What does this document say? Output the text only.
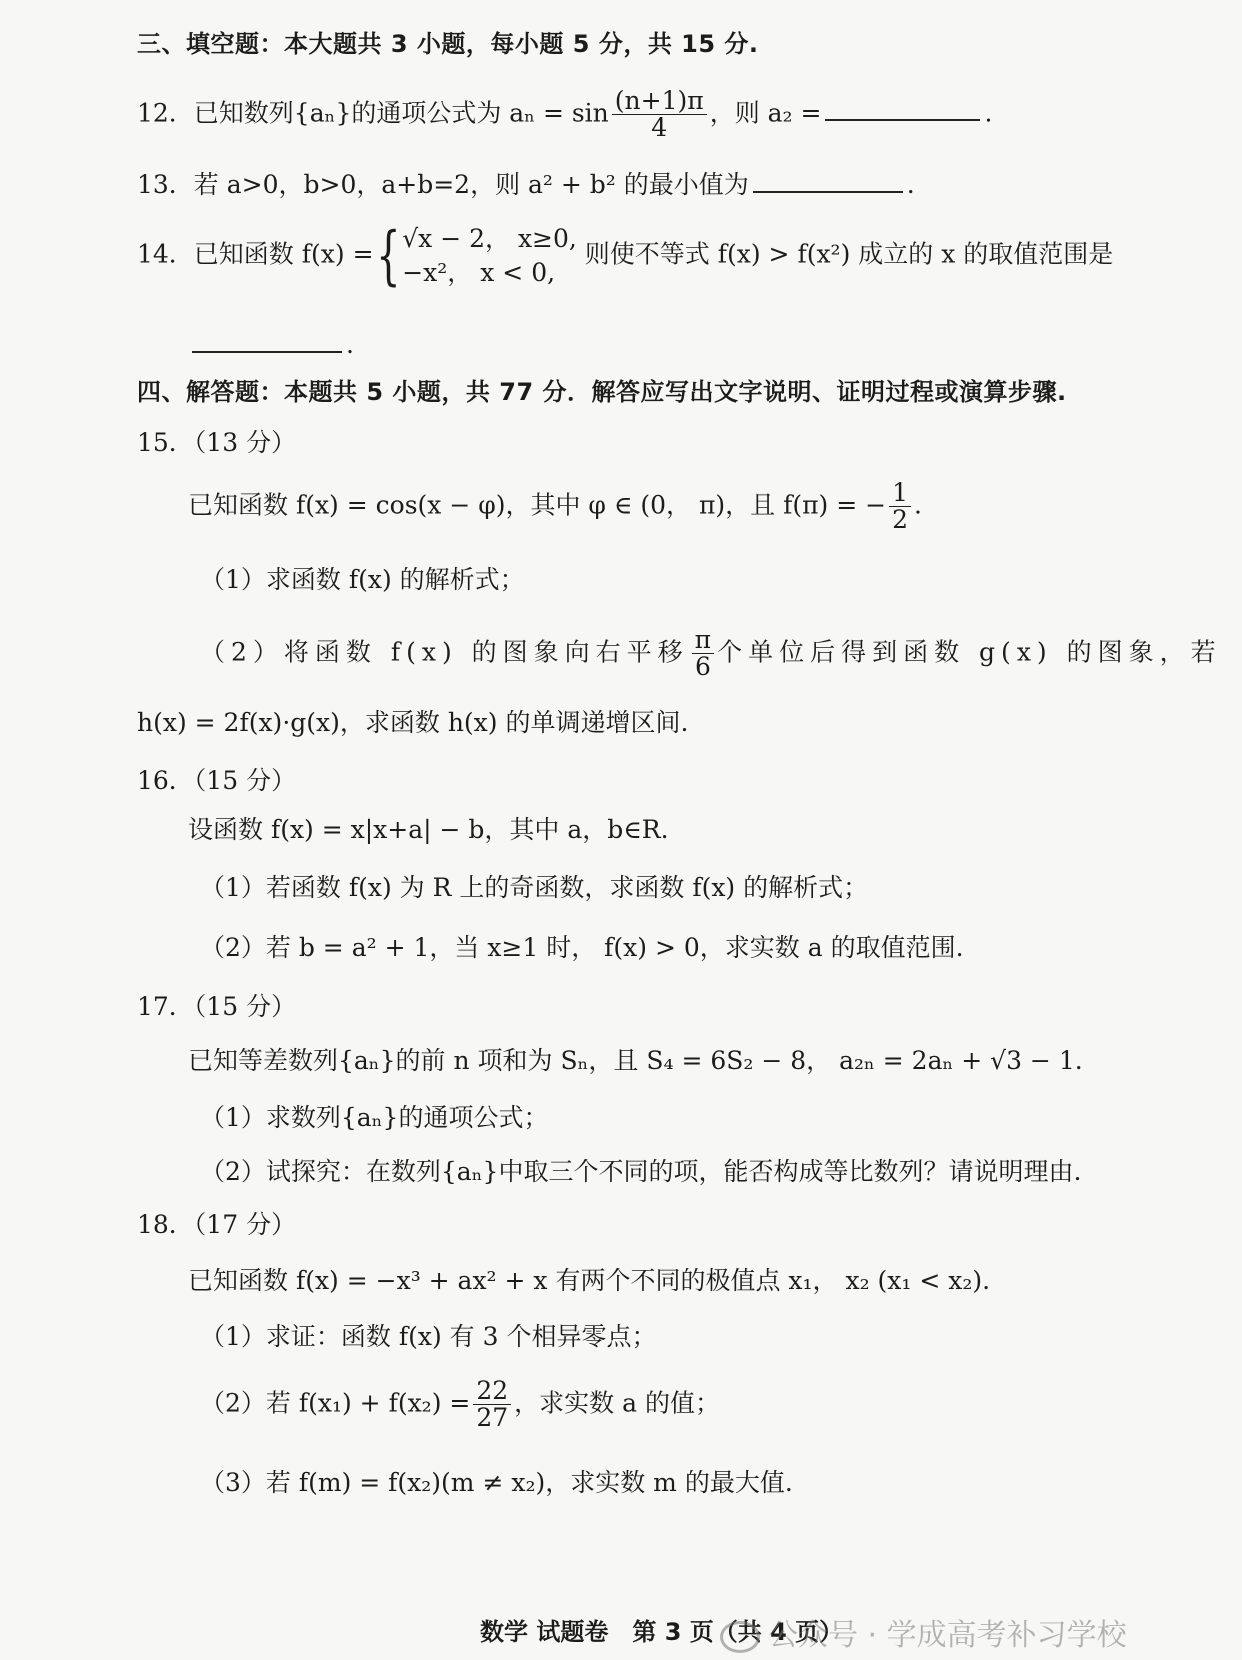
三、填空题：本大题共 3 小题，每小题 5 分，共 15 分.
12．已知数列{aₙ}的通项公式为 $a_n = \sin \frac{(n+1)\pi}{4}$ ，则 a₂ =	.
13．若 a>0，b>0，a+b=2，则 a² + b² 的最小值为	.
14．已知函数 f(x) ={ √x − 2， x≥0,
−x²， x < 0,
则使不等式 f(x) > f(x²) 成立的 x 的取值范围是
.
四、解答题：本题共 5 小题，共 77 分．解答应写出文字说明、证明过程或演算步骤.
15．（13 分）
已知函数 f(x) = cos(x − φ)，其中 φ ∈ (0， π)，且 f(π) = − $\frac{1}{2}$ .
（1）求函数 f(x) 的解析式；
（2）将函数 f(x) 的图象向右平移 $\frac{\pi}{6}$ 个单位后得到函数 g(x) 的图象，若
h(x) = 2f(x)·g(x)，求函数 h(x) 的单调递增区间.
16．（15 分）
设函数 f(x) = x|x+a| − b，其中 a，b∈R.
（1）若函数 f(x) 为 R 上的奇函数，求函数 f(x) 的解析式；
（2）若 b = a² + 1，当 x≥1 时， f(x) > 0，求实数 a 的取值范围.
17．（15 分）
已知等差数列{aₙ}的前 n 项和为 Sₙ，且 S₄ = 6S₂ − 8， a₂ₙ = 2aₙ + √3 − 1.
（1）求数列{aₙ}的通项公式；
（2）试探究：在数列{aₙ}中取三个不同的项，能否构成等比数列？请说明理由.
18．（17 分）
已知函数 f(x) = −x³ + ax² + x 有两个不同的极值点 x₁， x₂ (x₁ < x₂).
（1）求证：函数 f(x) 有 3 个相异零点；
（2）若 $f(x_1) + f(x_2) = \frac{22}{27}$ ，求实数 a 的值；
（3）若 f(m) = f(x₂)(m ≠ x₂)，求实数 m 的最大值.
数学 试题卷　第 3 页（共 4 页）
公众号 · 学成高考补习学校
